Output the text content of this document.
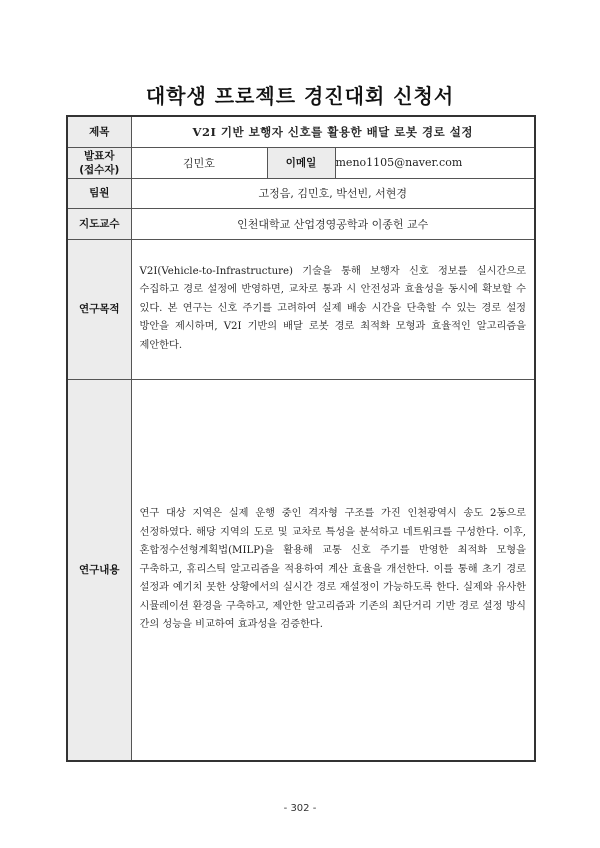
대학생 프로젝트 경진대회 신청서
제목	V2I 기반 보행자 신호를 활용한 배달 로봇 경로 설정		

발표자
(접수자)	김민호	이메일	meno1105@naver.com
팀원	고정음, 김민호, 박선빈, 서현경		
지도교수	인천대학교 산업경영공학과 이종헌 교수		
연구목적	V2I(Vehicle-to-Infrastructure) 기술을 통해 보행자 신호 정보를 실시간으로 수집하고 경로 설정에 반영하면, 교차로 통과 시 안전성과 효율성을 동시에 확보할 수 있다. 본 연구는 신호 주기를 고려하여 실제 배송 시간을 단축할 수 있는 경로 설정 방안을 제시하며, V2I 기반의 배달 로봇 경로 최적화 모형과 효율적인 알고리즘을 제안한다.		

연구내용	연구 대상 지역은 실제 운행 중인 격자형 구조를 가진 인천광역시 송도 2동으로 선정하였다. 해당 지역의 도로 및 교차로 특성을 분석하고 네트워크를 구성한다. 이후, 혼합정수선형계획법(MILP)을 활용해 교통 신호 주기를 반영한 최적화 모형을 구축하고, 휴리스틱 알고리즘을 적용하여 계산 효율을 개선한다. 이를 통해 초기 경로 설정과 예기치 못한 상황에서의 실시간 경로 재설정이 가능하도록 한다. 실제와 유사한 시뮬레이션 환경을 구축하고, 제안한 알고리즘과 기존의 최단거리 기반 경로 설정 방식 간의 성능을 비교하여 효과성을 검증한다.		
- 302 -
